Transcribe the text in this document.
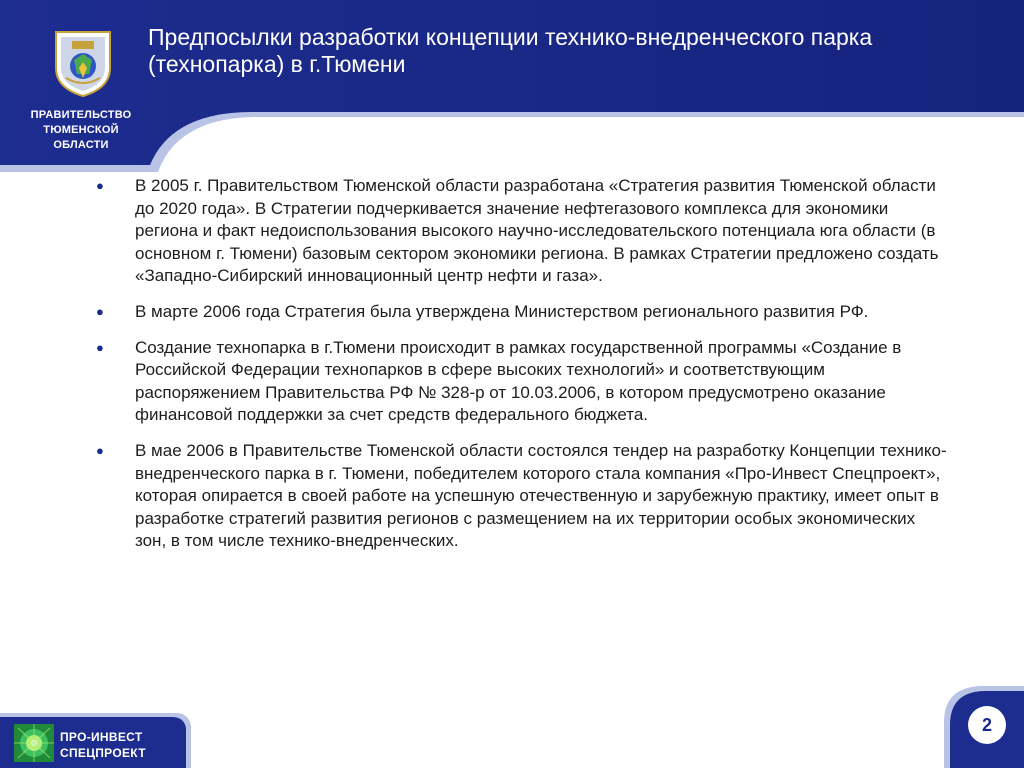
Предпосылки разработки концепции технико-внедренческого парка
(технопарка) в г.Тюмени
ПРАВИТЕЛЬСТВО
ТЮМЕНСКОЙ
ОБЛАСТИ
● В 2005 г. Правительством Тюменской области разработана «Стратегия развития Тюменской области до 2020 года». В Стратегии подчеркивается значение нефтегазового комплекса для экономики региона и факт недоиспользования высокого научно-исследовательского потенциала юга области (в основном г. Тюмени) базовым сектором экономики региона. В рамках Стратегии предложено создать «Западно-Сибирский инновационный центр нефти и газа».
● В марте 2006 года Стратегия была утверждена Министерством регионального развития РФ.
● Создание технопарка в г.Тюмени происходит в рамках государственной программы «Создание в Российской Федерации технопарков в сфере высоких технологий» и соответствующим распоряжением Правительства РФ № 328-р от 10.03.2006, в котором предусмотрено оказание финансовой поддержки за счет средств федерального бюджета.
● В мае 2006 в Правительстве Тюменской области состоялся тендер на разработку Концепции технико-внедренческого парка в г. Тюмени, победителем которого стала компания «Про-Инвест Спецпроект», которая опирается в своей работе на успешную отечественную и зарубежную практику, имеет опыт в разработке стратегий развития регионов с размещением на их территории особых экономических зон, в том числе технико-внедренческих.
ПРО-ИНВЕСТ
СПЕЦПРОЕКТ
2
